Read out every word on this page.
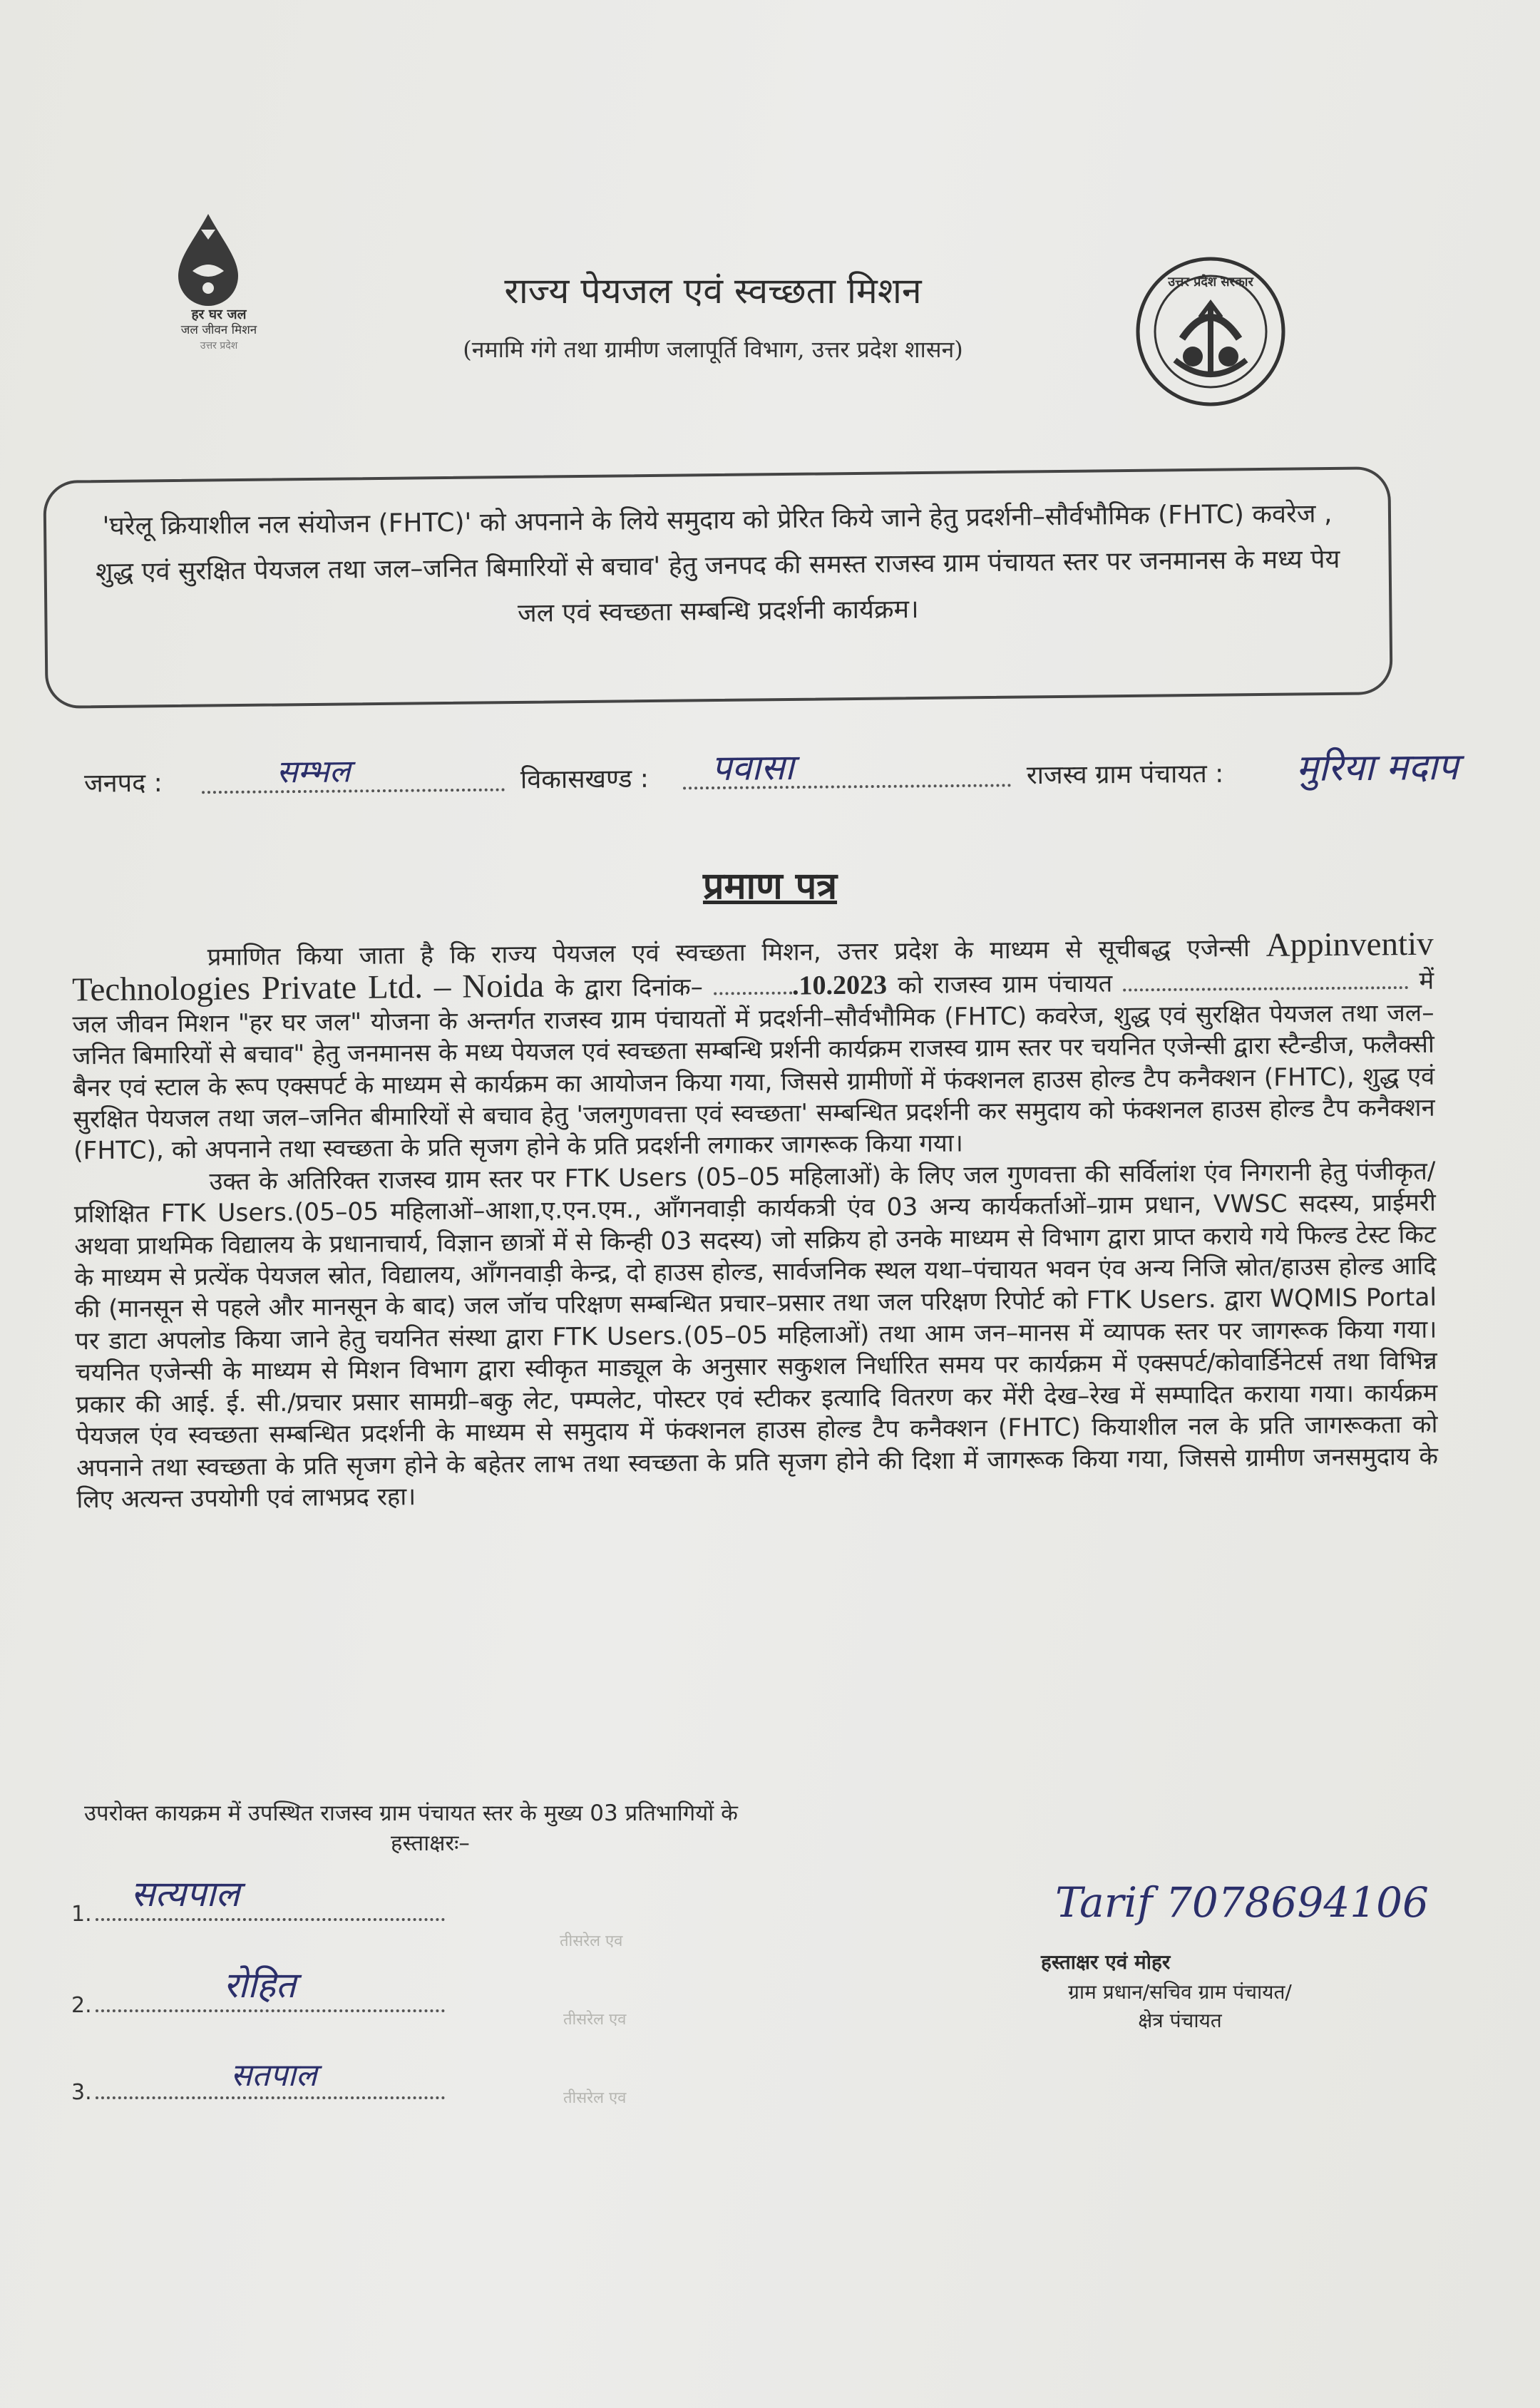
हर घर जल
जल जीवन मिशन
उत्तर प्रदेश
राज्य पेयजल एवं स्वच्छता मिशन
(नमामि गंगे तथा ग्रामीण जलापूर्ति विभाग, उत्तर प्रदेश शासन)
उत्तर प्रदेश सरकार

'घरेलू क्रियाशील नल संयोजन (FHTC)' को अपनाने के लिये समुदाय को प्रेरित किये जाने हेतु प्रदर्शनी–सौर्वभौमिक (FHTC) कवरेज , शुद्ध एवं सुरक्षित पेयजल तथा जल–जनित बिमारियों से बचाव' हेतु जनपद की समस्त राजस्व ग्राम पंचायत स्तर पर जनमानस के मध्य पेय जल एवं स्वच्छता सम्बन्धि प्रदर्शनी कार्यक्रम।

जनपद :	सम्भल	विकासखण्ड : पवासा	राजस्व ग्राम पंचायत : मुरिया मदाप
प्रमाण पत्र

प्रमाणित किया जाता है कि राज्य पेयजल एवं स्वच्छता मिशन, उत्तर प्रदेश के माध्यम से सूचीबद्ध एजेन्सी Appinventiv Technologies Private Ltd. – Noida के द्वारा दिनांक–	.10.2023 को राजस्व ग्राम पंचायत	में जल जीवन मिशन "हर घर जल" योजना के अन्तर्गत राजस्व ग्राम पंचायतों में प्रदर्शनी–सौर्वभौमिक (FHTC) कवरेज, शुद्ध एवं सुरक्षित पेयजल तथा जल–जनित बिमारियों से बचाव" हेतु जनमानस के मध्य पेयजल एवं स्वच्छता सम्बन्धि प्रर्शनी कार्यक्रम राजस्व ग्राम स्तर पर चयनित एजेन्सी द्वारा स्टैन्डीज, फलैक्सी बैनर एवं स्टाल के रूप एक्सपर्ट के माध्यम से कार्यक्रम का आयोजन किया गया, जिससे ग्रामीणों में फंक्शनल हाउस होल्ड टैप कनैक्शन (FHTC), शुद्ध एवं सुरक्षित पेयजल तथा जल–जनित बीमारियों से बचाव हेतु 'जलगुणवत्ता एवं स्वच्छता' सम्बन्धित प्रदर्शनी कर समुदाय को फंक्शनल हाउस होल्ड टैप कनैक्शन (FHTC), को अपनाने तथा स्वच्छता के प्रति सृजग होने के प्रति प्रदर्शनी लगाकर जागरूक किया गया।

उक्त के अतिरिक्त राजस्व ग्राम स्तर पर FTK Users (05–05 महिलाओं) के लिए जल गुणवत्ता की सर्विलांश एंव निगरानी हेतु पंजीकृत/प्रशिक्षित FTK Users.(05–05 महिलाओं–आशा,ए.एन.एम., आँगनवाड़ी कार्यकत्री एंव 03 अन्य कार्यकर्ताओं–ग्राम प्रधान, VWSC सदस्य, प्राईमरी अथवा प्राथमिक विद्यालय के प्रधानाचार्य, विज्ञान छात्रों में से किन्ही 03 सदस्य) जो सक्रिय हो उनके माध्यम से विभाग द्वारा प्राप्त कराये गये फिल्ड टेस्ट किट के माध्यम से प्रत्येंक पेयजल स्रोत, विद्यालय, आँगनवाड़ी केन्द्र, दो हाउस होल्ड, सार्वजनिक स्थल यथा–पंचायत भवन एंव अन्य निजि स्रोत/हाउस होल्ड आदि की (मानसून से पहले और मानसून के बाद) जल जॉच परिक्षण सम्बन्धित प्रचार–प्रसार तथा जल परिक्षण रिपोर्ट को FTK Users. द्वारा WQMIS Portal पर डाटा अपलोड किया जाने हेतु चयनित संस्था द्वारा FTK Users.(05–05 महिलाओं) तथा आम जन–मानस में व्यापक स्तर पर जागरूक किया गया। चयनित एजेन्सी के माध्यम से मिशन विभाग द्वारा स्वीकृत माड्यूल के अनुसार सकुशल निर्धारित समय पर कार्यक्रम में एक्सपर्ट/कोवार्डिनेटर्स तथा विभिन्न प्रकार की आई. ई. सी./प्रचार प्रसार सामग्री–बकु लेट, पम्पलेट, पोस्टर एवं स्टीकर इत्यादि वितरण कर मेंरी देख–रेख में सम्पादित कराया गया। कार्यक्रम पेयजल एंव स्वच्छता सम्बन्धित प्रदर्शनी के माध्यम से समुदाय में फंक्शनल हाउस होल्ड टैप कनैक्शन (FHTC) कियाशील नल के प्रति जागरूकता को अपनाने तथा स्वच्छता के प्रति सृजग होने के बहेतर लाभ तथा स्वच्छता के प्रति सृजग होने की दिशा में जागरूक किया गया, जिससे ग्रामीण जनसमुदाय के लिए अत्यन्त उपयोगी एवं लाभप्रद रहा।

उपरोक्त कायक्रम में उपस्थित राजस्व ग्राम पंचायत स्तर के मुख्य 03 प्रतिभागियों के
हस्ताक्षरः–
1. सत्यपाल
2.	रोहित
3.	सतपाल
तीसरेल एव
तीसरेल एव
तीसरेल एव
Tarif 7078694106
हस्ताक्षर एवं मोहर
ग्राम प्रधान/सचिव ग्राम पंचायत/
क्षेत्र पंचायत
